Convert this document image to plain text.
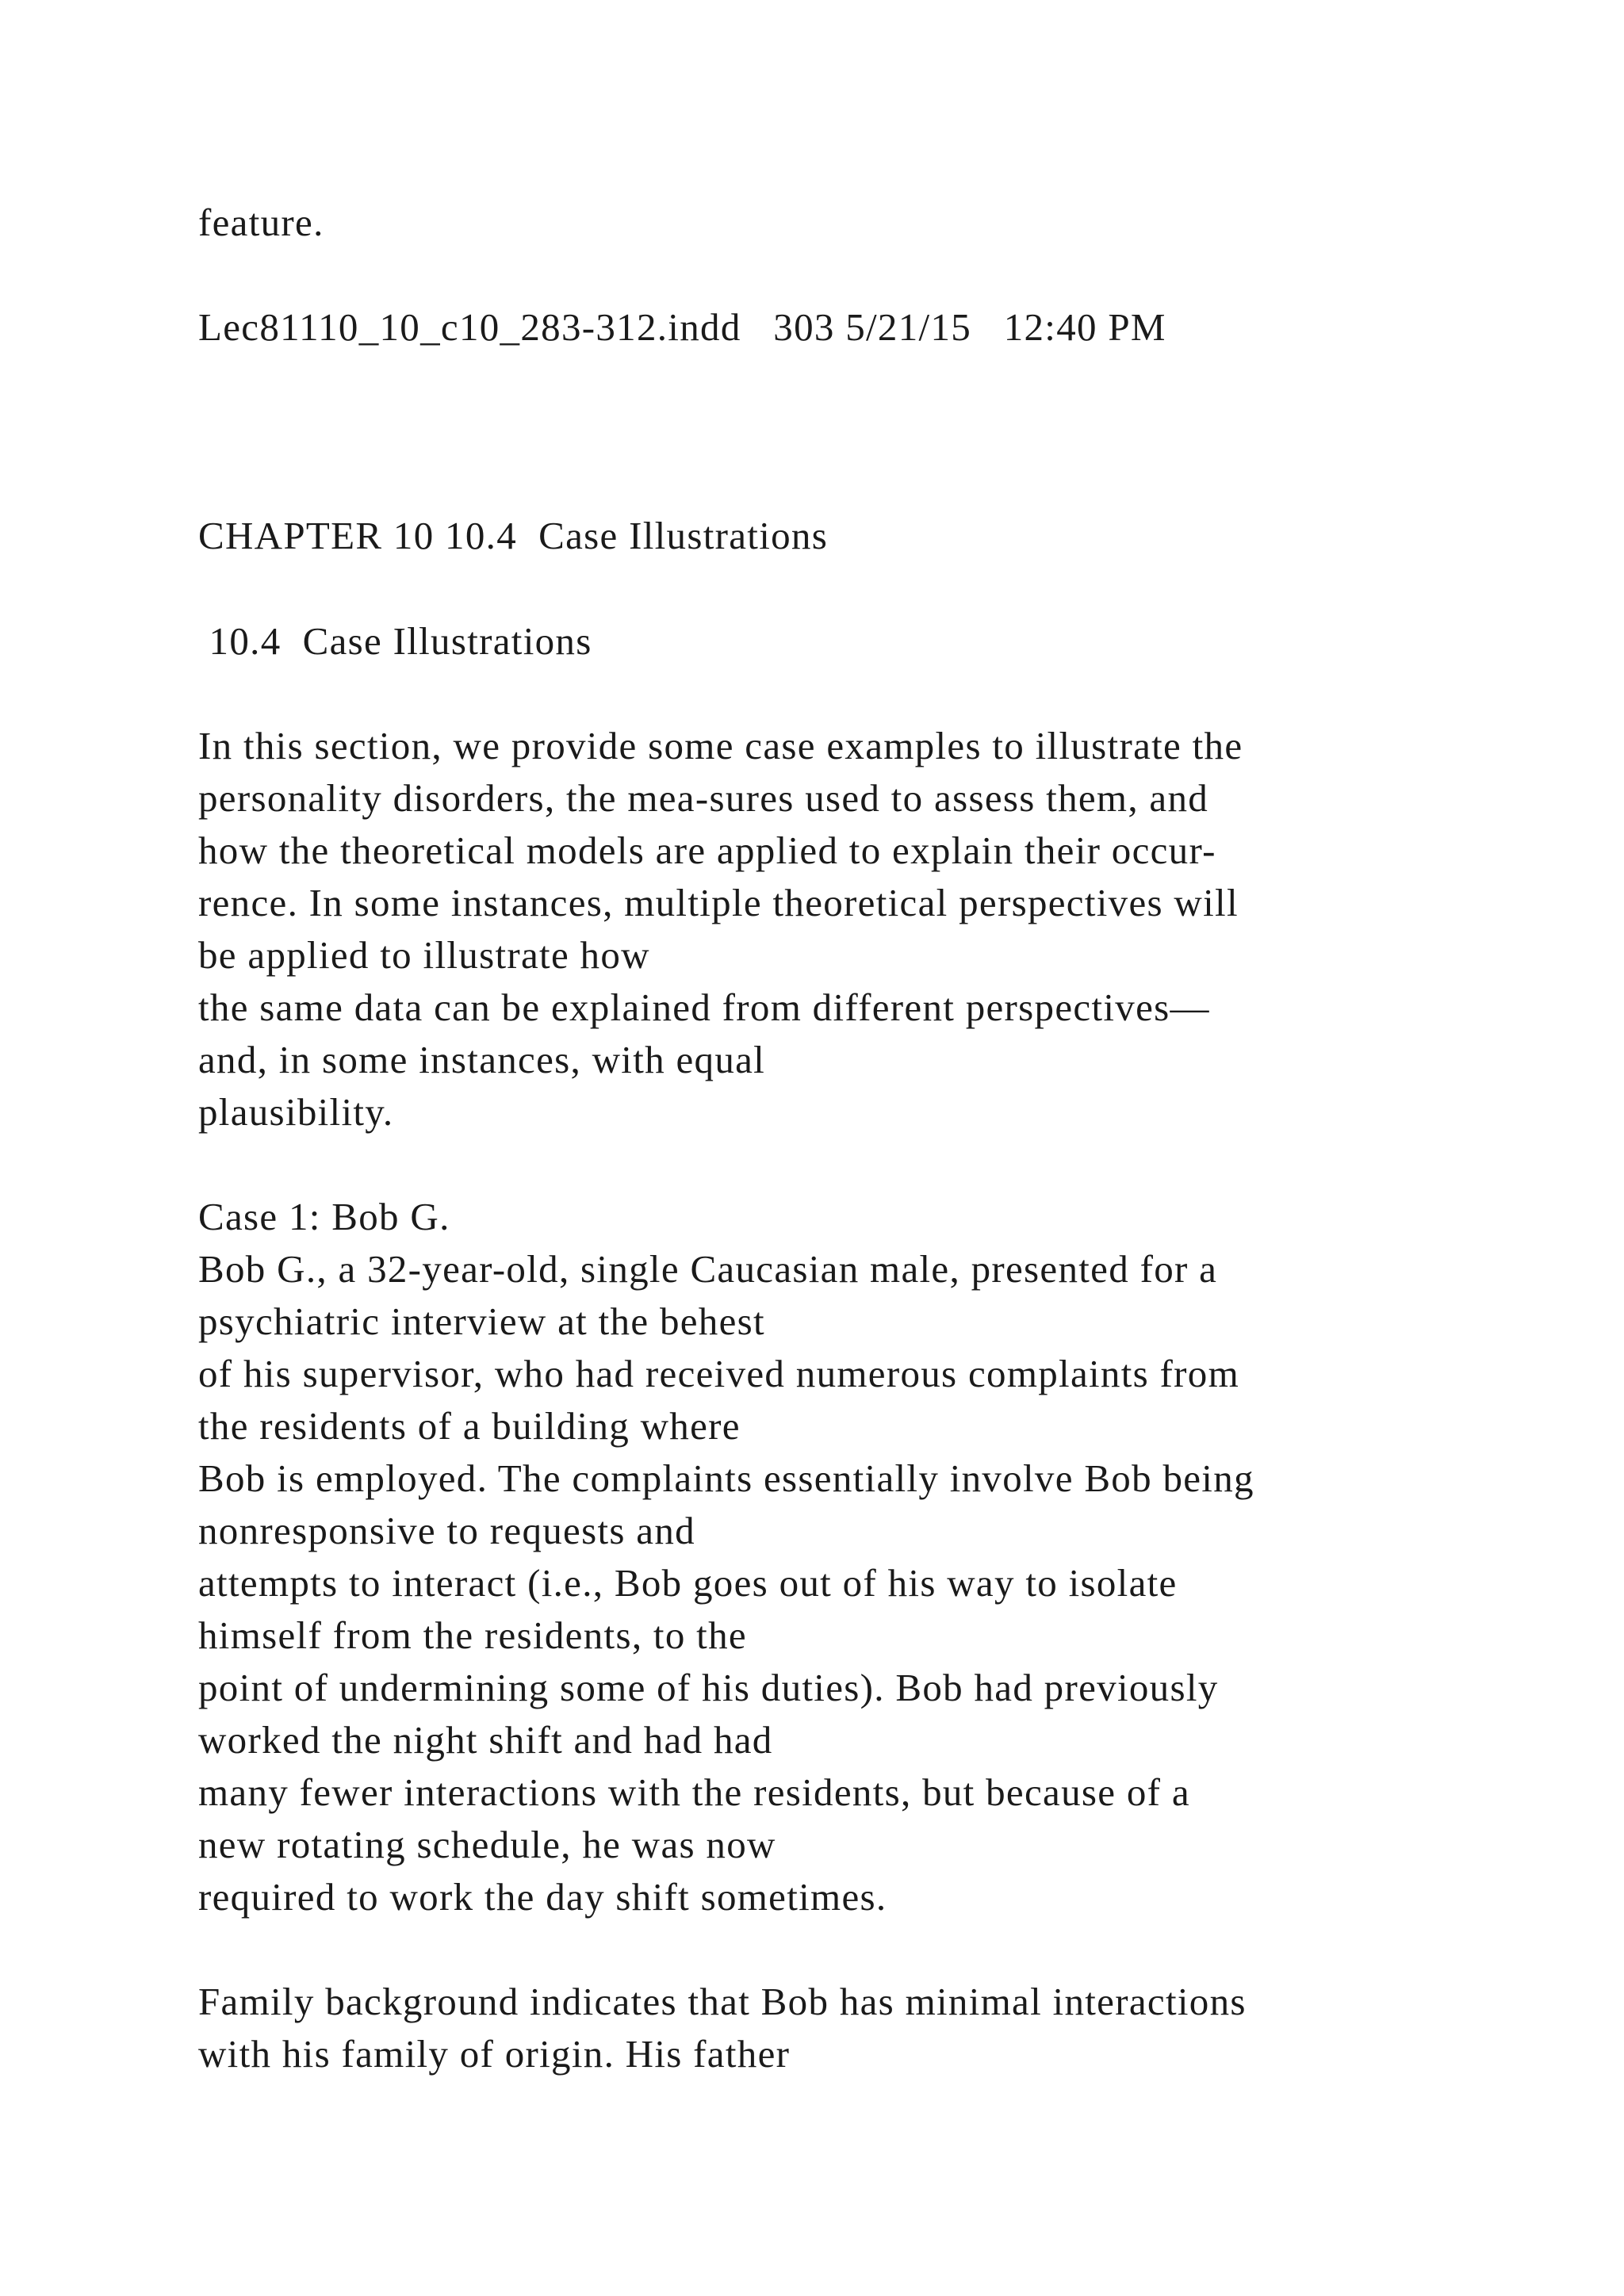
feature.

Lec81110_10_c10_283-312.indd   303 5/21/15   12:40 PM

CHAPTER 10 10.4  Case Illustrations

10.4  Case Illustrations

In this section, we provide some case examples to illustrate the

personality disorders, the mea-sures used to assess them, and

how the theoretical models are applied to explain their occur-

rence. In some instances, multiple theoretical perspectives will

be applied to illustrate how

the same data can be explained from different perspectives—

and, in some instances, with equal

plausibility.

Case 1: Bob G.

Bob G., a 32-year-old, single Caucasian male, presented for a

psychiatric interview at the behest

of his supervisor, who had received numerous complaints from

the residents of a building where

Bob is employed. The complaints essentially involve Bob being

nonresponsive to requests and

attempts to interact (i.e., Bob goes out of his way to isolate

himself from the residents, to the

point of undermining some of his duties). Bob had previously

worked the night shift and had had

many fewer interactions with the residents, but because of a

new rotating schedule, he was now

required to work the day shift sometimes.

Family background indicates that Bob has minimal interactions

with his family of origin. His father
